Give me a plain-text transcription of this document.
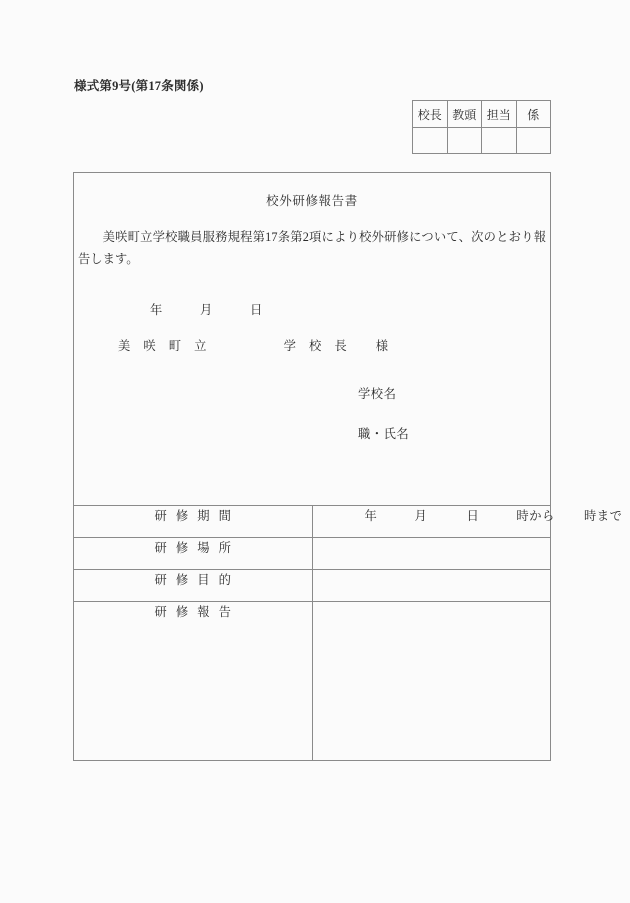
様式第9号(第17条関係)
校長	教頭	担当	係

校外研修報告書
美咲町立学校職員服務規程第17条第2項により校外研修について、次のとおり報告します。
年	月	日
美 咲 町 立	学 校 長 様
学校名
職・氏名

研 修 期 間	年 月 日 時から 時まで

研 修 場 所	
研 修 目 的	
研 修 報 告	
